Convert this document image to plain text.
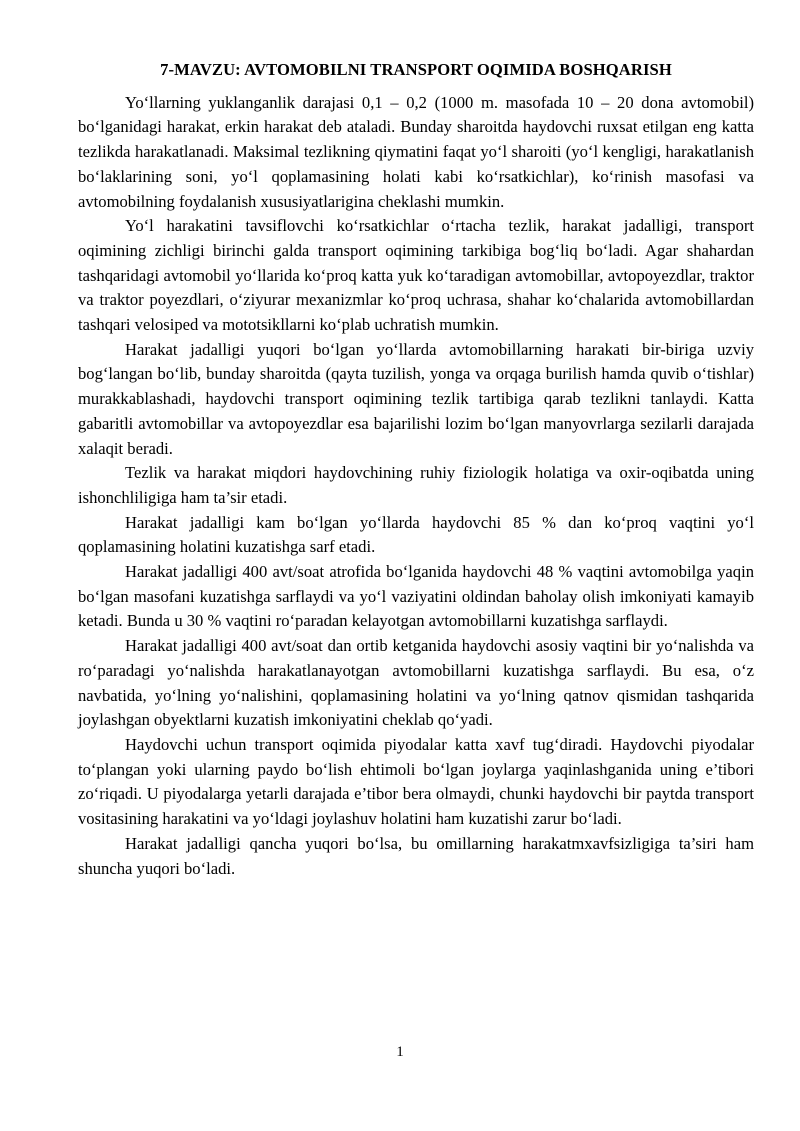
7-MAVZU: AVTOMOBILNI TRANSPORT OQIMIDA BOSHQARISH

Yo‘llarning yuklanganlik darajasi 0,1 – 0,2 (1000 m. masofada 10 – 20 dona avtomobil) bo‘lganidagi harakat, erkin harakat deb ataladi. Bunday sharoitda haydovchi ruxsat etilgan eng katta tezlikda harakatlanadi. Maksimal tezlikning qiymatini faqat yo‘l sharoiti (yo‘l kengligi, harakatlanish bo‘laklarining soni, yo‘l qoplamasining holati kabi ko‘rsatkichlar), ko‘rinish masofasi va avtomobilning foydalanish xususiyatlarigina cheklashi mumkin.

Yo‘l harakatini tavsiflovchi ko‘rsatkichlar o‘rtacha tezlik, harakat jadalligi, transport oqimining zichligi birinchi galda transport oqimining tarkibiga bog‘liq bo‘ladi. Agar shahardan tashqaridagi avtomobil yo‘llarida ko‘proq katta yuk ko‘taradigan avtomobillar, avtopoyezdlar, traktor va traktor poyezdlari, o‘ziyurar mexanizmlar ko‘proq uchrasa, shahar ko‘chalarida avtomobillardan tashqari velosiped va mototsikllarni ko‘plab uchratish mumkin.

Harakat jadalligi yuqori bo‘lgan yo‘llarda avtomobillarning harakati bir-biriga uzviy bog‘langan bo‘lib, bunday sharoitda (qayta tuzilish, yonga va orqaga burilish hamda quvib o‘tishlar) murakkablashadi, haydovchi transport oqimining tezlik tartibiga qarab tezlikni tanlaydi. Katta gabaritli avtomobillar va avtopoyezdlar esa bajarilishi lozim bo‘lgan manyovrlarga sezilarli darajada xalaqit beradi.

Tezlik va harakat miqdori haydovchining ruhiy fiziologik holatiga va oxir-oqibatda uning ishonchliligiga ham ta’sir etadi.

Harakat jadalligi kam bo‘lgan yo‘llarda haydovchi 85 % dan ko‘proq vaqtini yo‘l qoplamasining holatini kuzatishga sarf etadi.

Harakat jadalligi 400 avt/soat atrofida bo‘lganida haydovchi 48 % vaqtini avtomobilga yaqin bo‘lgan masofani kuzatishga sarflaydi va yo‘l vaziyatini oldindan baholay olish imkoniyati kamayib ketadi. Bunda u 30 % vaqtini ro‘paradan kelayotgan avtomobillarni kuzatishga sarflaydi.

Harakat jadalligi 400 avt/soat dan ortib ketganida haydovchi asosiy vaqtini bir yo‘nalishda va ro‘paradagi yo‘nalishda harakatlanayotgan avtomobillarni kuzatishga sarflaydi. Bu esa, o‘z navbatida, yo‘lning yo‘nalishini, qoplamasining holatini va yo‘lning qatnov qismidan tashqarida joylashgan obyektlarni kuzatish imkoniyatini cheklab qo‘yadi.

Haydovchi uchun transport oqimida piyodalar katta xavf tug‘diradi. Haydovchi piyodalar to‘plangan yoki ularning paydo bo‘lish ehtimoli bo‘lgan joylarga yaqinlashganida uning e’tibori zo‘riqadi. U piyodalarga yetarli darajada e’tibor bera olmaydi, chunki haydovchi bir paytda transport vositasining harakatini va yo‘ldagi joylashuv holatini ham kuzatishi zarur bo‘ladi.

Harakat jadalligi qancha yuqori bo‘lsa, bu omillarning harakatmxavfsizligiga ta’siri ham shuncha yuqori bo‘ladi.

1
